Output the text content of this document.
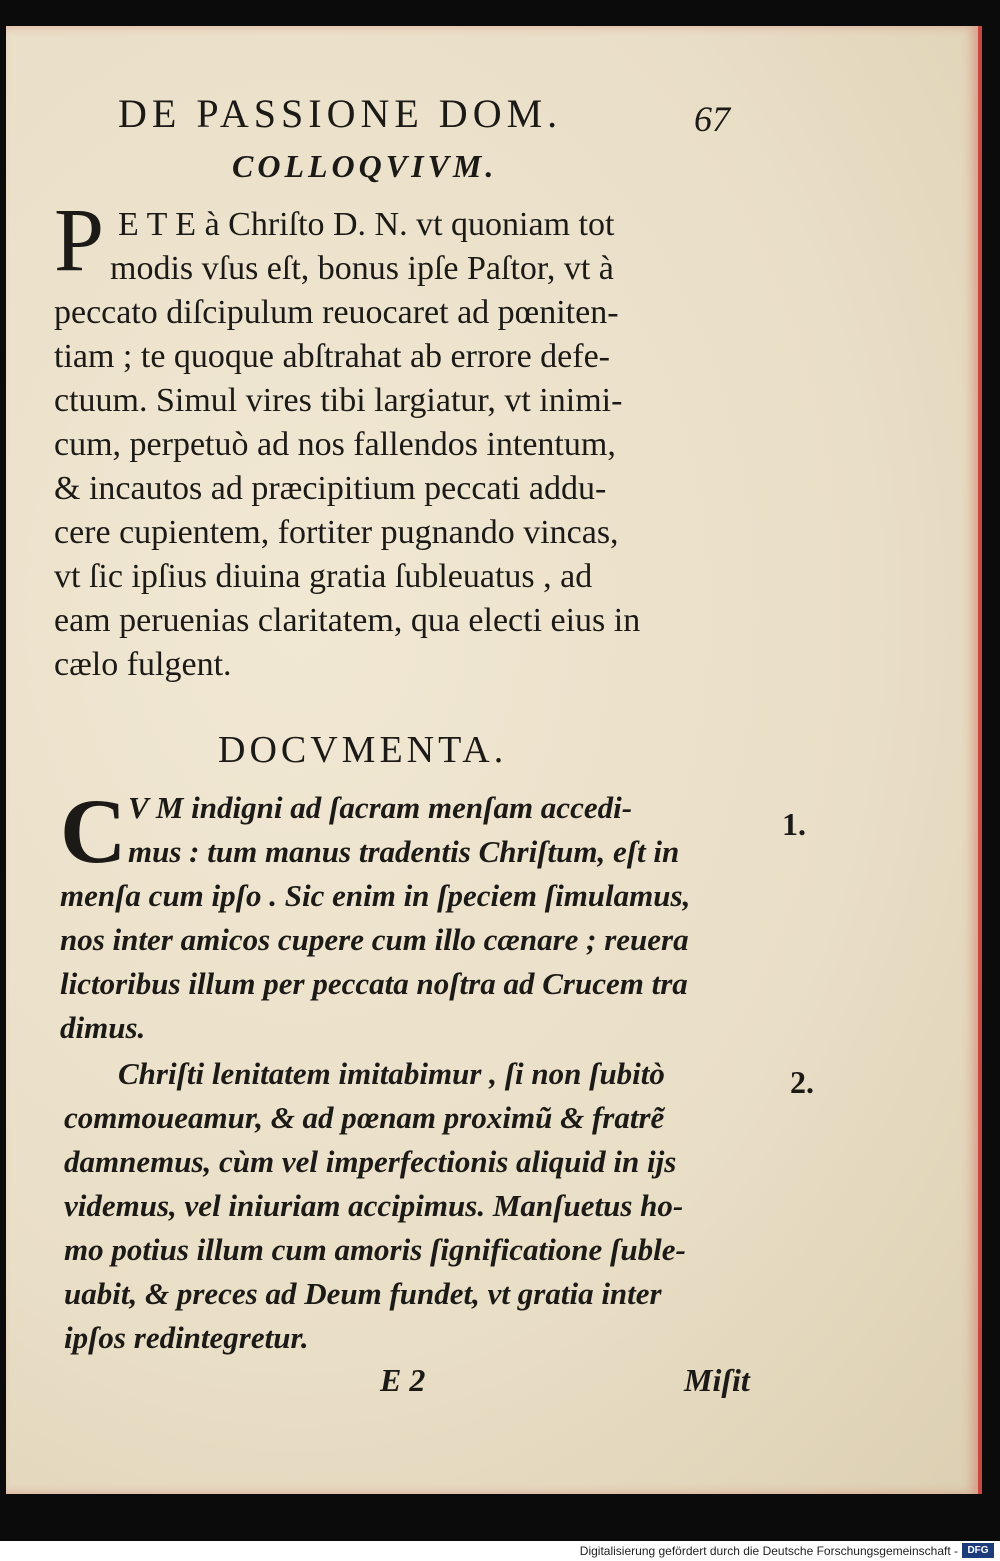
DE PASSIONE DOM.	67
COLLOQVIVM.
P E T E à Chriſto D. N. vt quoniam tot
modis vſus eſt, bonus ipſe Paſtor, vt à
peccato diſcipulum reuocaret ad pœniten-
tiam ; te quoque abſtrahat ab errore defe-
ctuum. Simul vires tibi largiatur, vt inimi-
cum, perpetuò ad nos fallendos intentum,
& incautos ad præcipitium peccati addu-
cere cupientem, fortiter pugnando vincas,
vt ſic ipſius diuina gratia ſubleuatus , ad
eam peruenias claritatem, qua electi eius in
cælo fulgent.
DOCVMENTA.
C V M indigni ad ſacram menſam accedi-
mus : tum manus tradentis Chriſtum, eſt in
menſa cum ipſo . Sic enim in ſpeciem ſimulamus,
nos inter amicos cupere cum illo cænare ; reuera
lictoribus illum per peccata noſtra ad Crucem tra
dimus.
Chriſti lenitatem imitabimur , ſi non ſubitò
commoueamur, & ad pœnam proximũ & fratrẽ
damnemus, cùm vel imperfectionis aliquid in ijs
videmus, vel iniuriam accipimus. Manſuetus ho-
mo potius illum cum amoris ſignificatione ſuble-
uabit, & preces ad Deum fundet, vt gratia inter
ipſos redintegretur.
1.
2.
E 2	Miſit
Digitalisierung gefördert durch die Deutsche Forschungsgemeinschaft - DFG
